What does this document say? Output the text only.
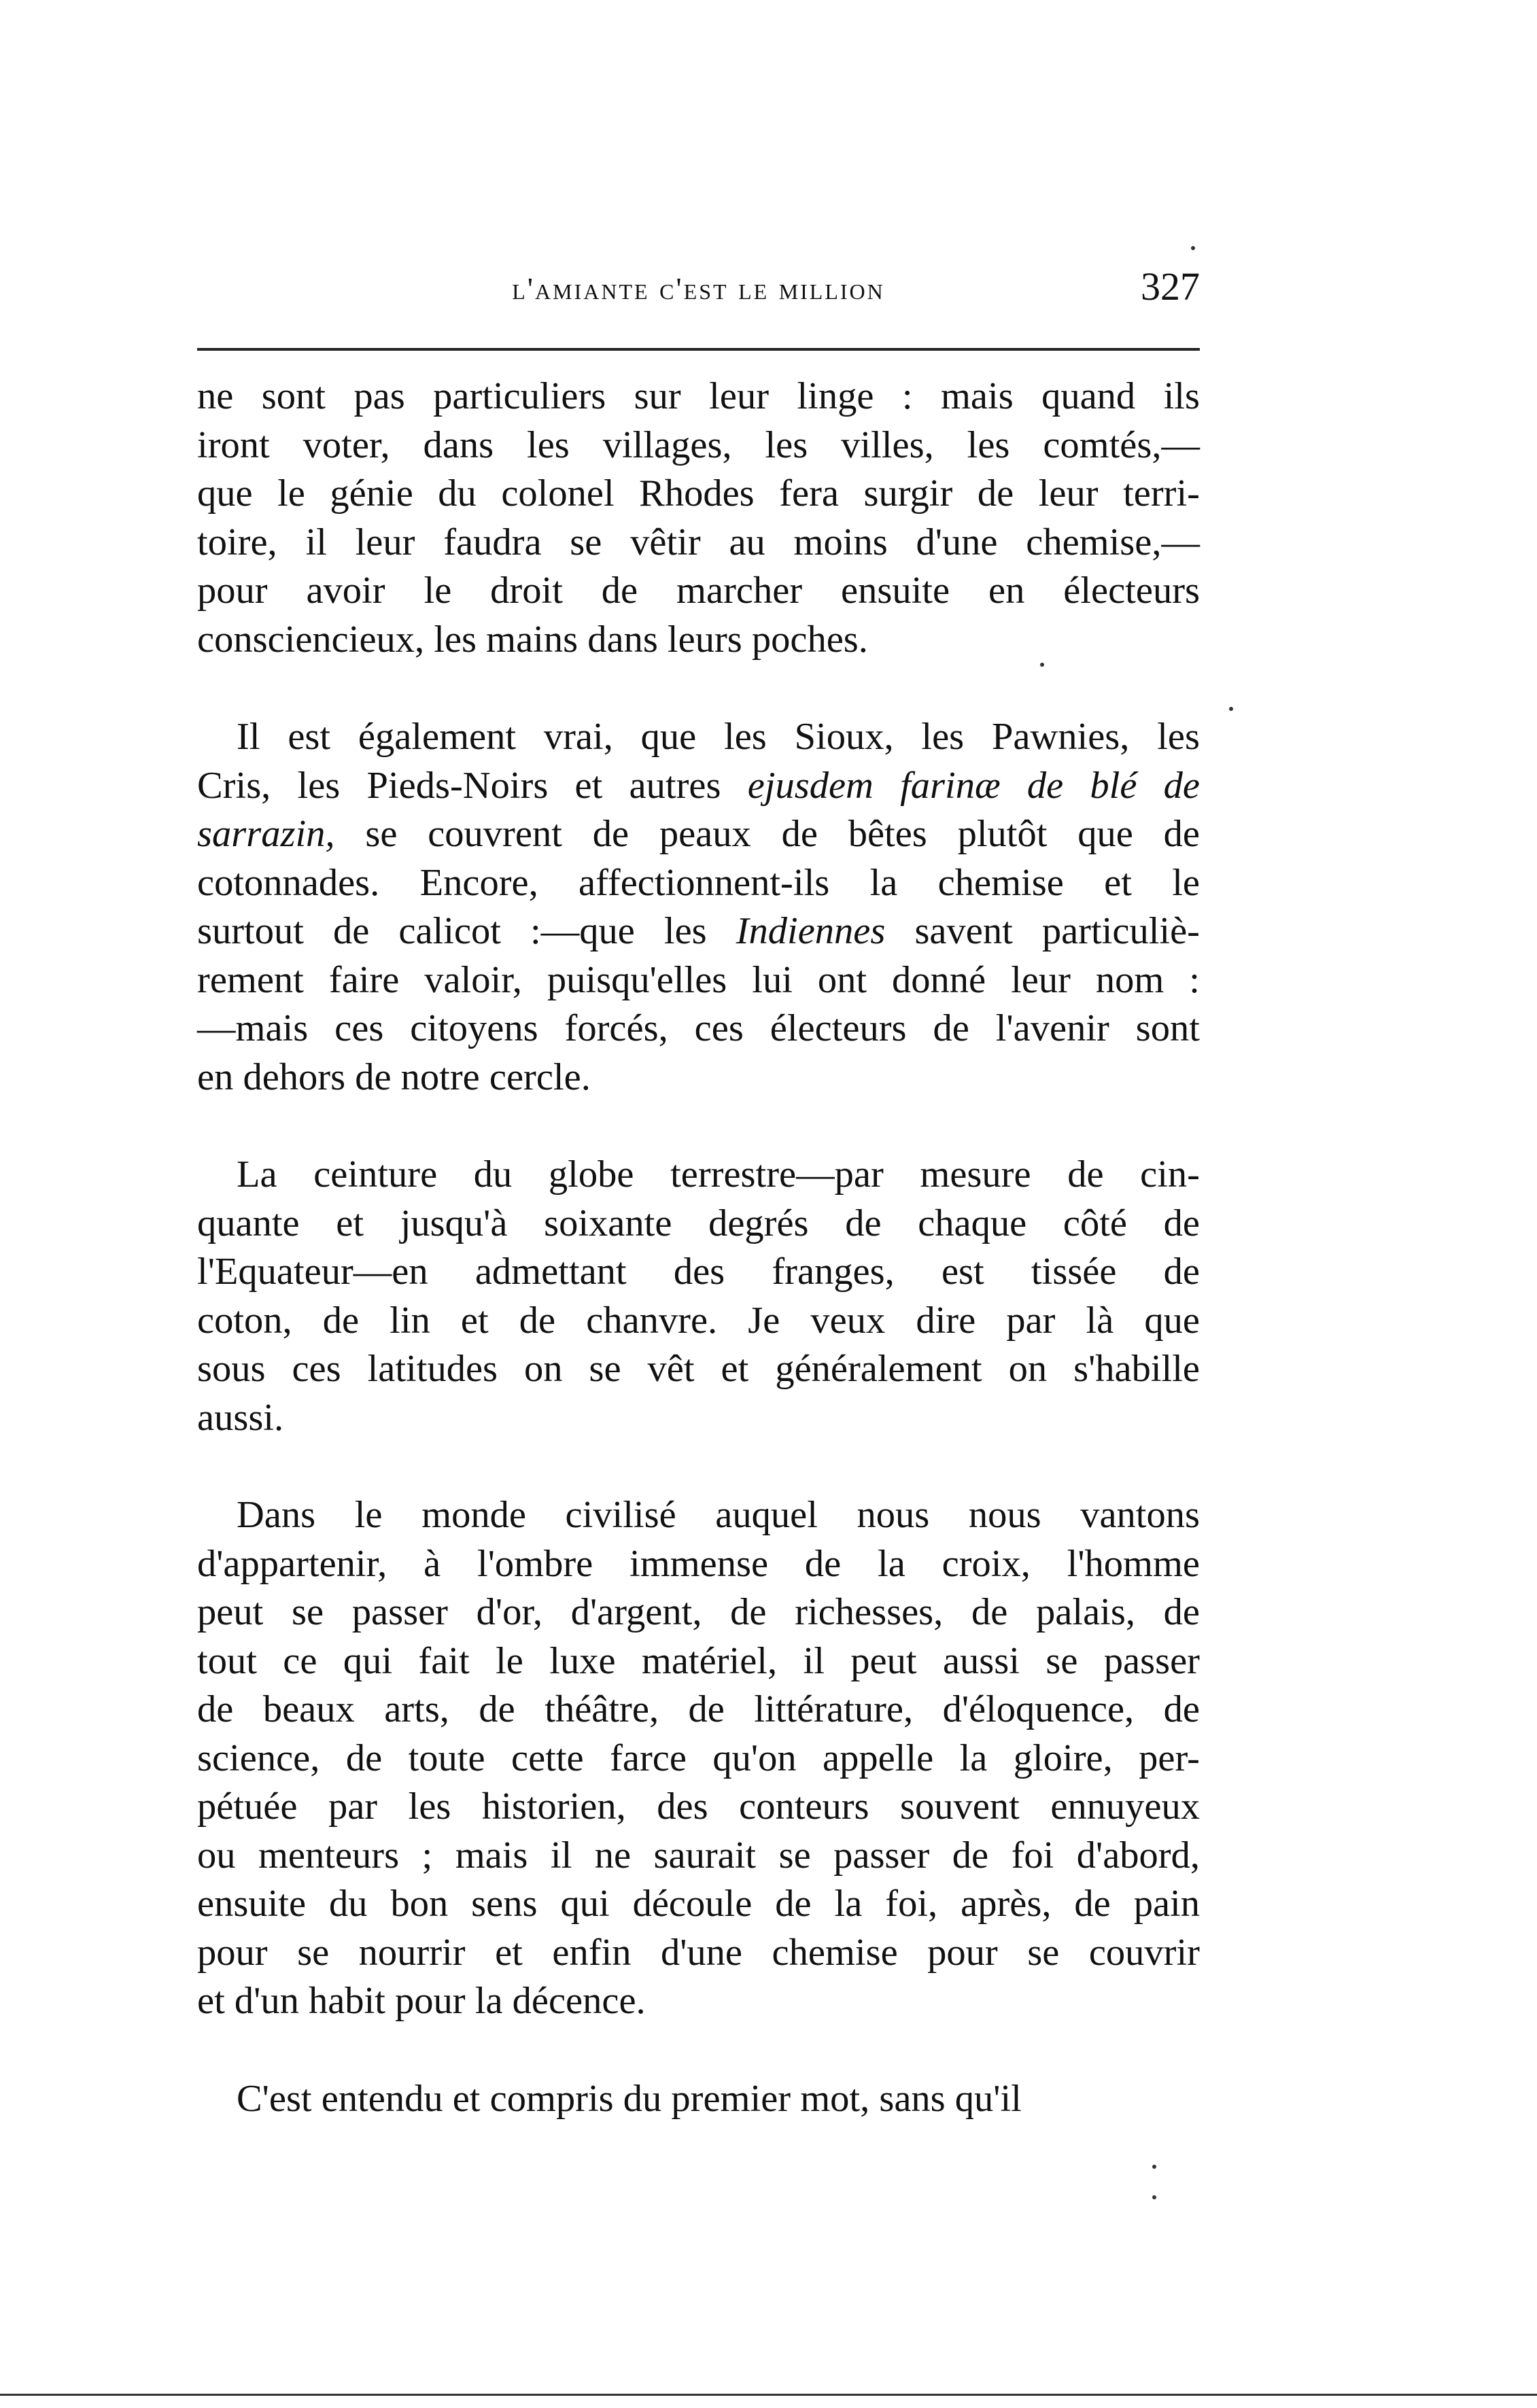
l'amiante c'est le million	327
ne sont pas particuliers sur leur linge : mais quand ils
iront voter, dans les villages, les villes, les comtés,—
que le génie du colonel Rhodes fera surgir de leur terri-
toire, il leur faudra se vêtir au moins d'une chemise,—
pour avoir le droit de marcher ensuite en électeurs
consciencieux, les mains dans leurs poches.
Il est également vrai, que les Sioux, les Pawnies, les
Cris, les Pieds-Noirs et autres ejusdem farinæ de blé de
sarrazin, se couvrent de peaux de bêtes plutôt que de
cotonnades. Encore, affectionnent-ils la chemise et le
surtout de calicot :—que les Indiennes savent particuliè-
rement faire valoir, puisqu'elles lui ont donné leur nom :
—mais ces citoyens forcés, ces électeurs de l'avenir sont
en dehors de notre cercle.
La ceinture du globe terrestre—par mesure de cin-
quante et jusqu'à soixante degrés de chaque côté de
l'Equateur—en admettant des franges, est tissée de
coton, de lin et de chanvre. Je veux dire par là que
sous ces latitudes on se vêt et généralement on s'habille
aussi.
Dans le monde civilisé auquel nous nous vantons
d'appartenir, à l'ombre immense de la croix, l'homme
peut se passer d'or, d'argent, de richesses, de palais, de
tout ce qui fait le luxe matériel, il peut aussi se passer
de beaux arts, de théâtre, de littérature, d'éloquence, de
science, de toute cette farce qu'on appelle la gloire, per-
pétuée par les historien, des conteurs souvent ennuyeux
ou menteurs ; mais il ne saurait se passer de foi d'abord,
ensuite du bon sens qui découle de la foi, après, de pain
pour se nourrir et enfin d'une chemise pour se couvrir
et d'un habit pour la décence.
C'est entendu et compris du premier mot, sans qu'il
